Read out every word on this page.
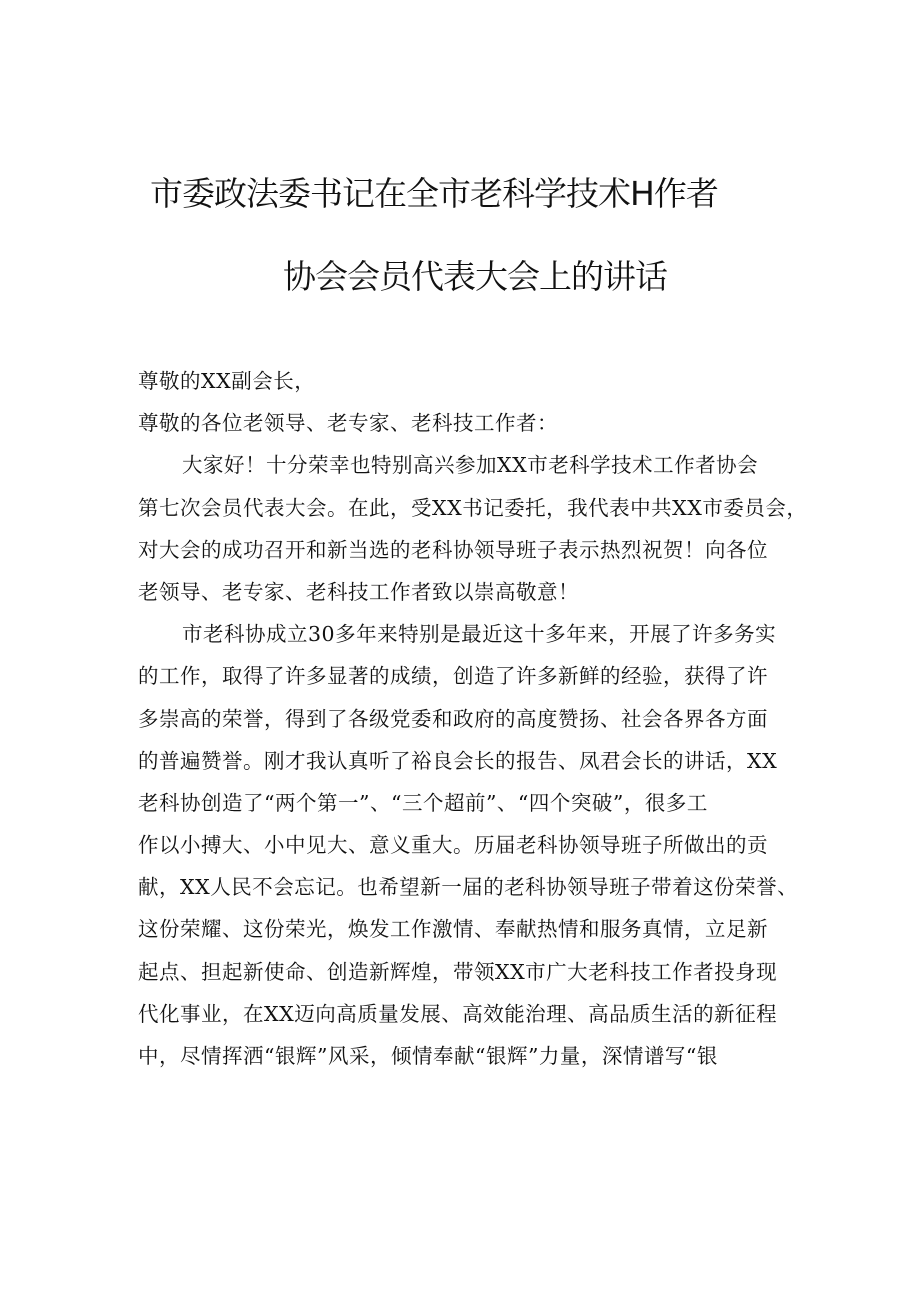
市委政法委书记在全市老科学技术H作者
协会会员代表大会上的讲话
尊敬的XX副会长，
尊敬的各位老领导、老专家、老科技工作者：
大家好！十分荣幸也特别高兴参加XX市老科学技术工作者协会
第七次会员代表大会。在此，受XX书记委托，我代表中共XX市委员会，
对大会的成功召开和新当选的老科协领导班子表示热烈祝贺！向各位
老领导、老专家、老科技工作者致以崇高敬意！
市老科协成立30多年来特别是最近这十多年来，开展了许多务实
的工作，取得了许多显著的成绩，创造了许多新鲜的经验，获得了许
多崇高的荣誉，得到了各级党委和政府的高度赞扬、社会各界各方面
的普遍赞誉。刚才我认真听了裕良会长的报告、凤君会长的讲话，XX
老科协创造了“两个第一”、“三个超前”、“四个突破”，很多工
作以小搏大、小中见大、意义重大。历届老科协领导班子所做出的贡
献，XX人民不会忘记。也希望新一届的老科协领导班子带着这份荣誉、
这份荣耀、这份荣光，焕发工作激情、奉献热情和服务真情，立足新
起点、担起新使命、创造新辉煌，带领XX市广大老科技工作者投身现
代化事业，在XX迈向高质量发展、高效能治理、高品质生活的新征程
中，尽情挥洒“银辉”风采，倾情奉献“银辉”力量，深情谱写“银
